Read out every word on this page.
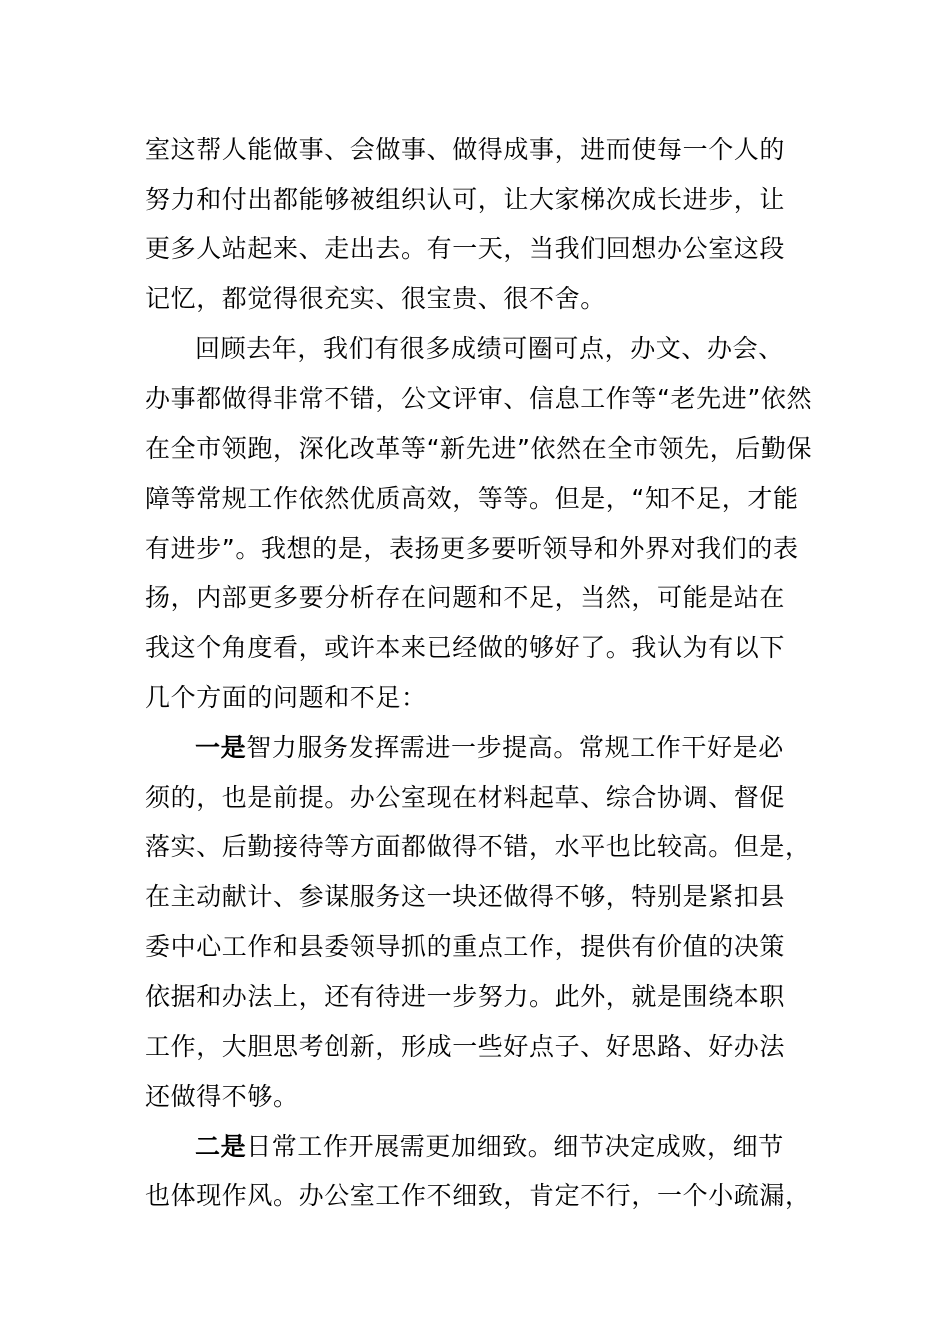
室这帮人能做事、会做事、做得成事，进而使每一个人的
努力和付出都能够被组织认可，让大家梯次成长进步，让
更多人站起来、走出去。有一天，当我们回想办公室这段
记忆，都觉得很充实、很宝贵、很不舍。
回顾去年，我们有很多成绩可圈可点，办文、办会、
办事都做得非常不错，公文评审、信息工作等“老先进”依然
在全市领跑，深化改革等“新先进”依然在全市领先，后勤保
障等常规工作依然优质高效，等等。但是，“知不足，才能
有进步”。我想的是，表扬更多要听领导和外界对我们的表
扬，内部更多要分析存在问题和不足，当然，可能是站在
我这个角度看，或许本来已经做的够好了。我认为有以下
几个方面的问题和不足：
一是智力服务发挥需进一步提高。常规工作干好是必
须的，也是前提。办公室现在材料起草、综合协调、督促
落实、后勤接待等方面都做得不错，水平也比较高。但是，
在主动献计、参谋服务这一块还做得不够，特别是紧扣县
委中心工作和县委领导抓的重点工作，提供有价值的决策
依据和办法上，还有待进一步努力。此外，就是围绕本职
工作，大胆思考创新，形成一些好点子、好思路、好办法
还做得不够。
二是日常工作开展需更加细致。细节决定成败，细节
也体现作风。办公室工作不细致，肯定不行，一个小疏漏，
